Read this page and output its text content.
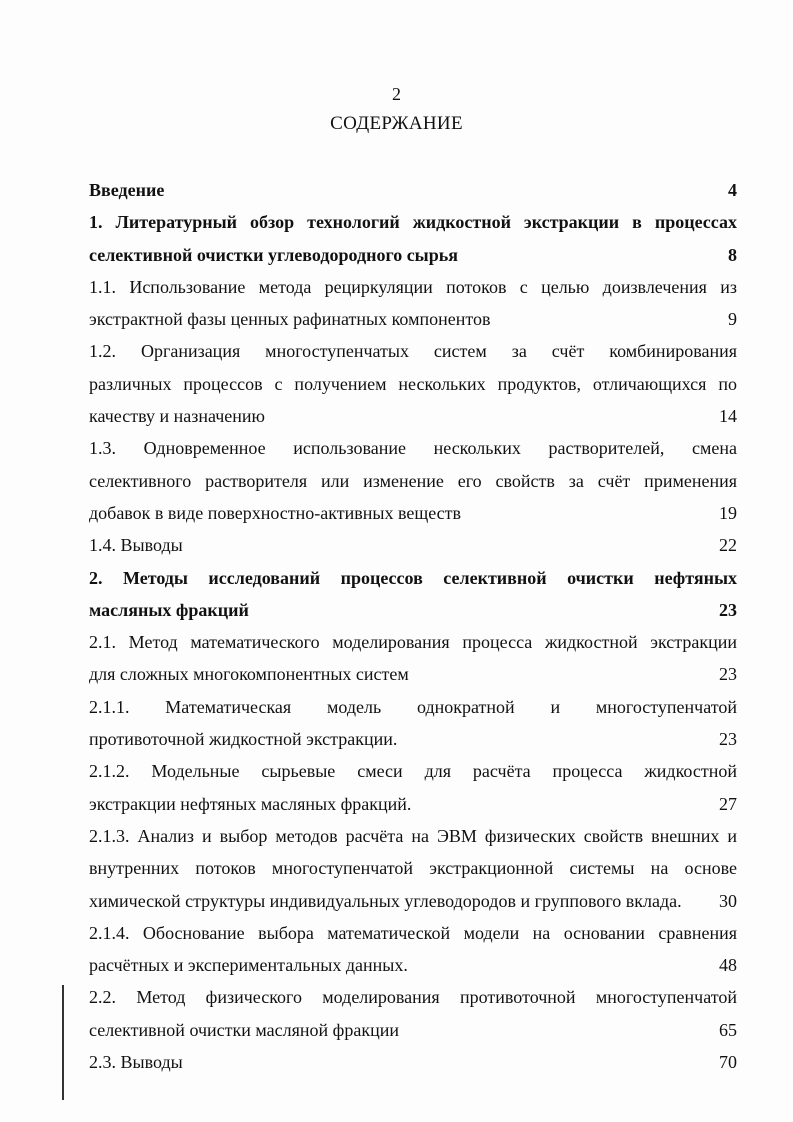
2
СОДЕРЖАНИЕ
Введение	4
1. Литературный обзор технологий жидкостной экстракции в процессах
селективной очистки углеводородного сырья	8
1.1. Использование метода рециркуляции потоков с целью доизвлечения из
экстрактной фазы ценных рафинатных компонентов	9
1.2. Организация многоступенчатых систем за счёт комбинирования
различных процессов с получением нескольких продуктов, отличающихся по
качеству и назначению	14
1.3. Одновременное использование нескольких растворителей, смена
селективного растворителя или изменение его свойств за счёт применения
добавок в виде поверхностно-активных веществ	19
1.4. Выводы	22
2. Методы исследований процессов селективной очистки нефтяных
масляных фракций	23
2.1. Метод математического моделирования процесса жидкостной экстракции
для сложных многокомпонентных систем	23
2.1.1. Математическая модель однократной и многоступенчатой
противоточной жидкостной экстракции.	23
2.1.2. Модельные сырьевые смеси для расчёта процесса жидкостной
экстракции нефтяных масляных фракций.	27
2.1.3. Анализ и выбор методов расчёта на ЭВМ физических свойств внешних и
внутренних потоков многоступенчатой экстракционной системы на основе
химической структуры индивидуальных углеводородов и группового вклада. 30
2.1.4. Обоснование выбора математической модели на основании сравнения
расчётных и экспериментальных данных.	48
2.2. Метод физического моделирования противоточной многоступенчатой
селективной очистки масляной фракции	65
2.3. Выводы	70
